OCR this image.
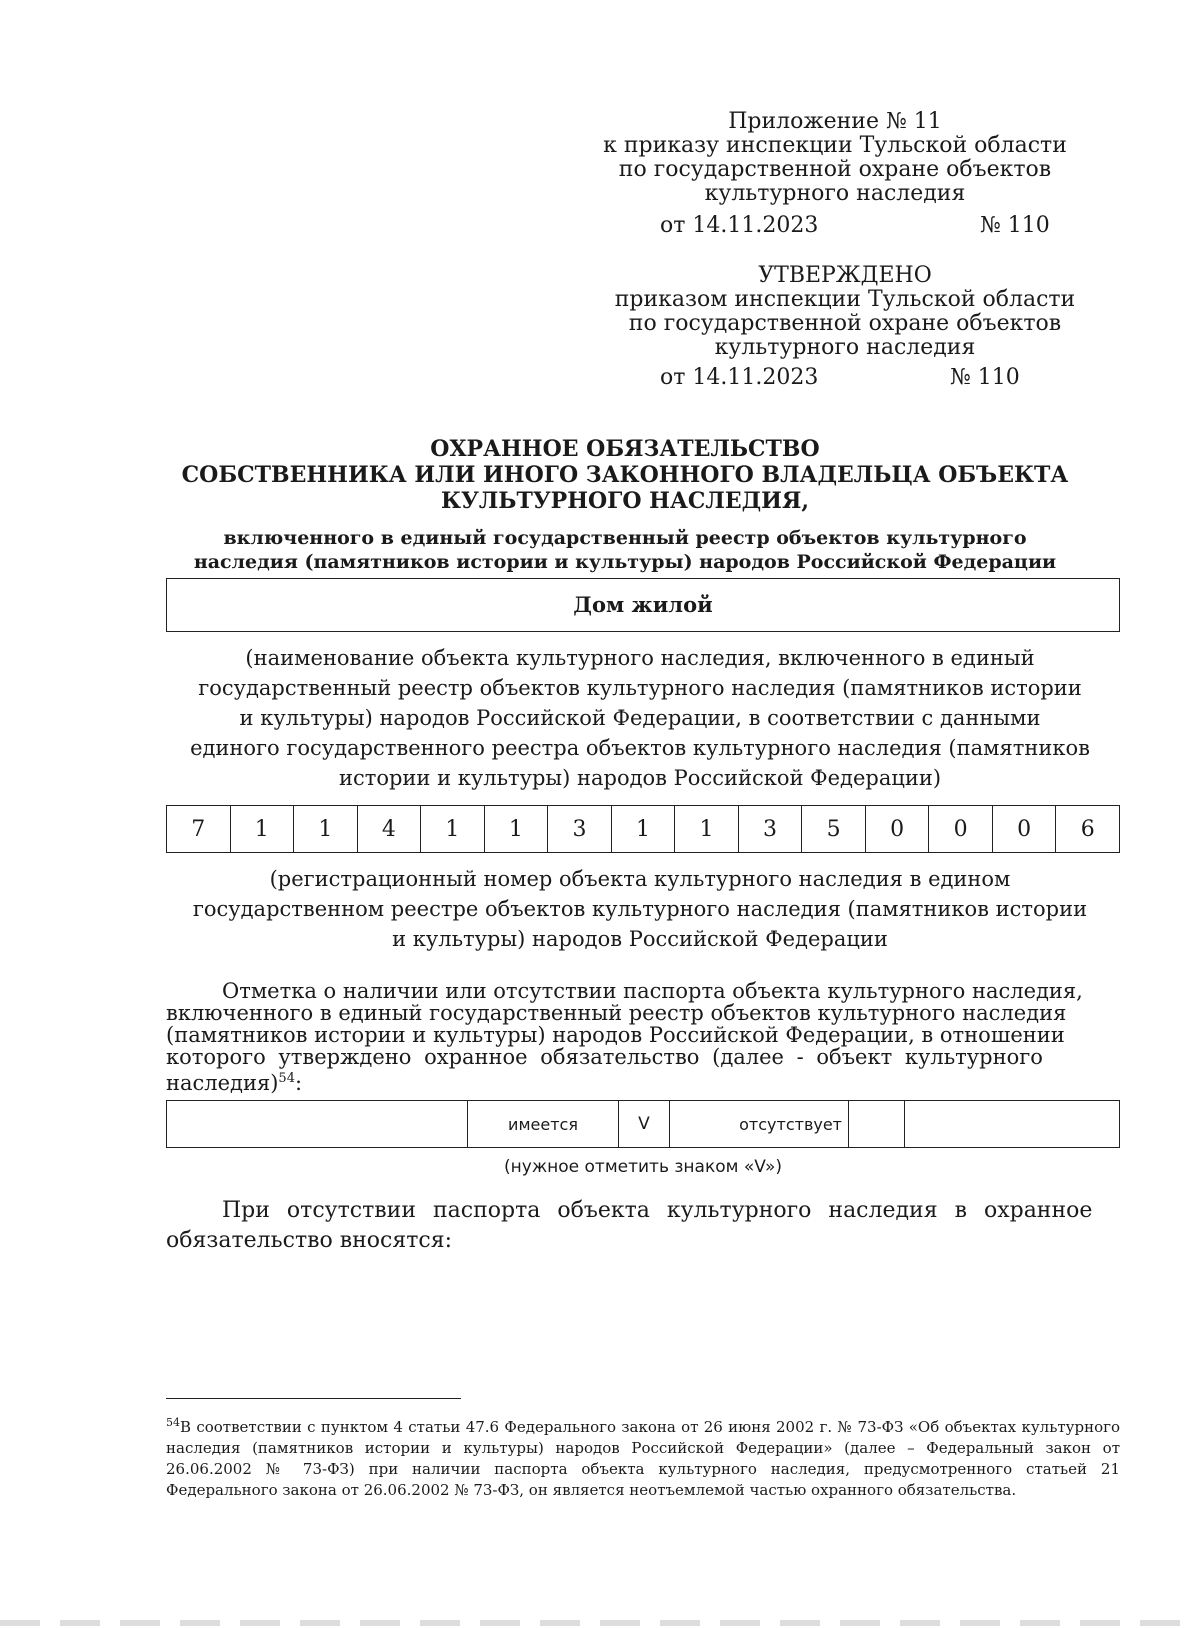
Приложение № 11
к приказу инспекции Тульской области
по государственной охране объектов
культурного наследия
от 14.11.2023	№ 110
УТВЕРЖДЕНО
приказом инспекции Тульской области
по государственной охране объектов
культурного наследия
от 14.11.2023	№ 110
ОХРАННОЕ ОБЯЗАТЕЛЬСТВО
СОБСТВЕННИКА ИЛИ ИНОГО ЗАКОННОГО ВЛАДЕЛЬЦА ОБЪЕКТА
КУЛЬТУРНОГО НАСЛЕДИЯ,
включенного в единый государственный реестр объектов культурного
наследия (памятников истории и культуры) народов Российской Федерации
Дом жилой
(наименование объекта культурного наследия, включенного в единый
государственный реестр объектов культурного наследия (памятников истории
и культуры) народов Российской Федерации, в соответствии с данными
единого государственного реестра объектов культурного наследия (памятников
истории и культуры) народов Российской Федерации)
7	1	1	4	1	1	3	1	1	3	5	0	0	0	6
(регистрационный номер объекта культурного наследия в едином
государственном реестре объектов культурного наследия (памятников истории
и культуры) народов Российской Федерации
Отметка о наличии или отсутствии паспорта объекта культурного наследия,
включенного в единый государственный реестр объектов культурного наследия
(памятников истории и культуры) народов Российской Федерации, в отношении
которого утверждено охранное обязательство (далее - объект культурного
наследия)$^{54}$:
	имеется	V	отсутствует		
(нужное отметить знаком «V»)
При отсутствии паспорта объекта культурного наследия в охранное
обязательство вносятся:
$^{54}$В соответствии с пунктом 4 статьи 47.6 Федерального закона от 26 июня 2002 г. № 73-ФЗ «Об объектах культурного наследия (памятников истории и культуры) народов Российской Федерации» (далее – Федеральный закон от 26.06.2002 № 73-ФЗ) при наличии паспорта объекта культурного наследия, предусмотренного статьей 21 Федерального закона от 26.06.2002 № 73-ФЗ, он является неотъемлемой частью охранного обязательства.
